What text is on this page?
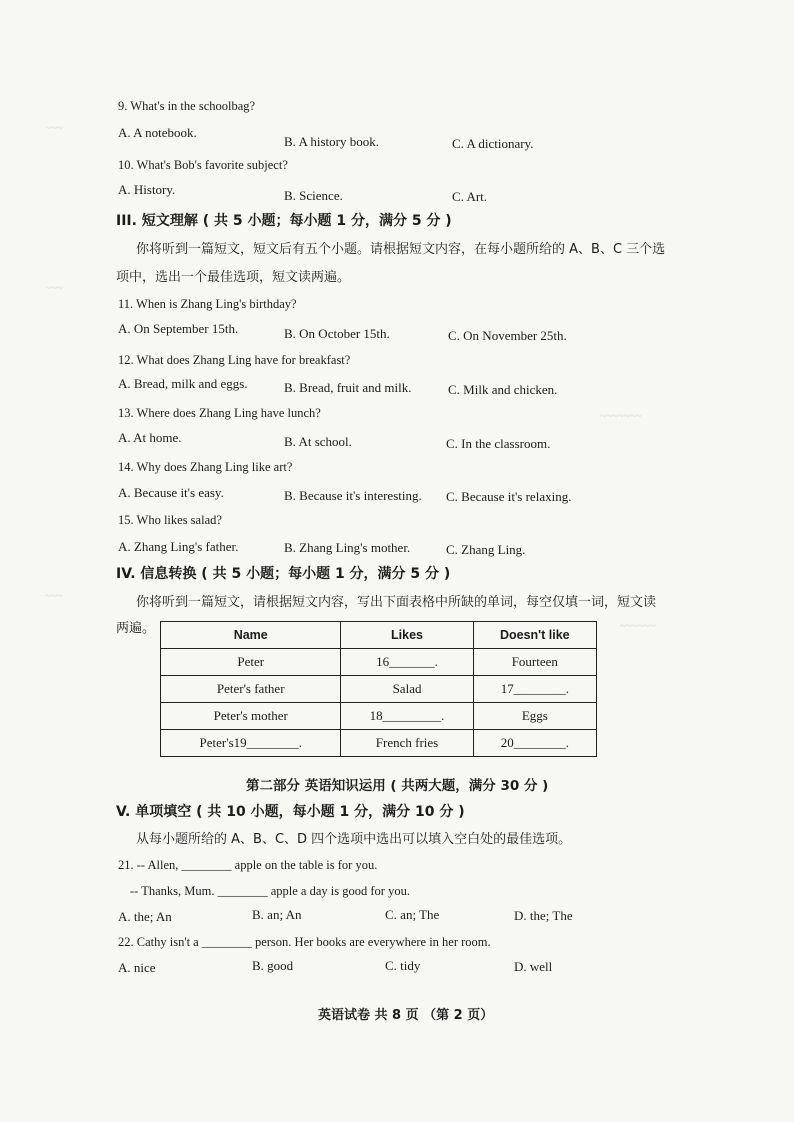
~~~
~~~
~~~
~~~~~~~
~~~~~~
9. What's in the schoolbag?
A. A notebook.
B. A history book.	C. A dictionary.
10. What's Bob's favorite subject?
A. History.	B. Science.	C. Art.
III. 短文理解 ( 共 5 小题；每小题 1 分，满分 5 分 )
你将听到一篇短文，短文后有五个小题。请根据短文内容，在每小题所给的 A、B、C 三个选
项中，选出一个最佳选项，短文读两遍。
11. When is Zhang Ling's birthday?
A. On September 15th.	B. On October 15th.	C. On November 25th.
12. What does Zhang Ling have for breakfast?
A. Bread, milk and eggs.	B. Bread, fruit and milk.	C. Milk and chicken.
13. Where does Zhang Ling have lunch?
A. At home.	B. At school.	C. In the classroom.
14. Why does Zhang Ling like art?
A. Because it's easy.	B. Because it's interesting. C. Because it's relaxing.
15. Who likes salad?
A. Zhang Ling's father.	B. Zhang Ling's mother.	C. Zhang Ling.
IV. 信息转换 ( 共 5 小题；每小题 1 分，满分 5 分 )
你将听到一篇短文，请根据短文内容，写出下面表格中所缺的单词，每空仅填一词，短文读
两遍。	Name	Likes	Doesn't like
Peter	16_______.	Fourteen
Peter's father	Salad	17________.
Peter's mother	18_________.	Eggs
Peter's19________.	French fries	20________.
第二部分 英语知识运用 ( 共两大题，满分 30 分 )
V. 单项填空 ( 共 10 小题，每小题 1 分，满分 10 分 )
从每小题所给的 A、B、C、D 四个选项中选出可以填入空白处的最佳选项。
21. -- Allen, ________ apple on the table is for you.
-- Thanks, Mum. ________ apple a day is good for you.
A. the; An	B. an; An	C. an; The	D. the; The
22. Cathy isn't a ________ person. Her books are everywhere in her room.
A. nice	B. good	C. tidy	D. well
英语试卷 共 8 页 （第 2 页）
